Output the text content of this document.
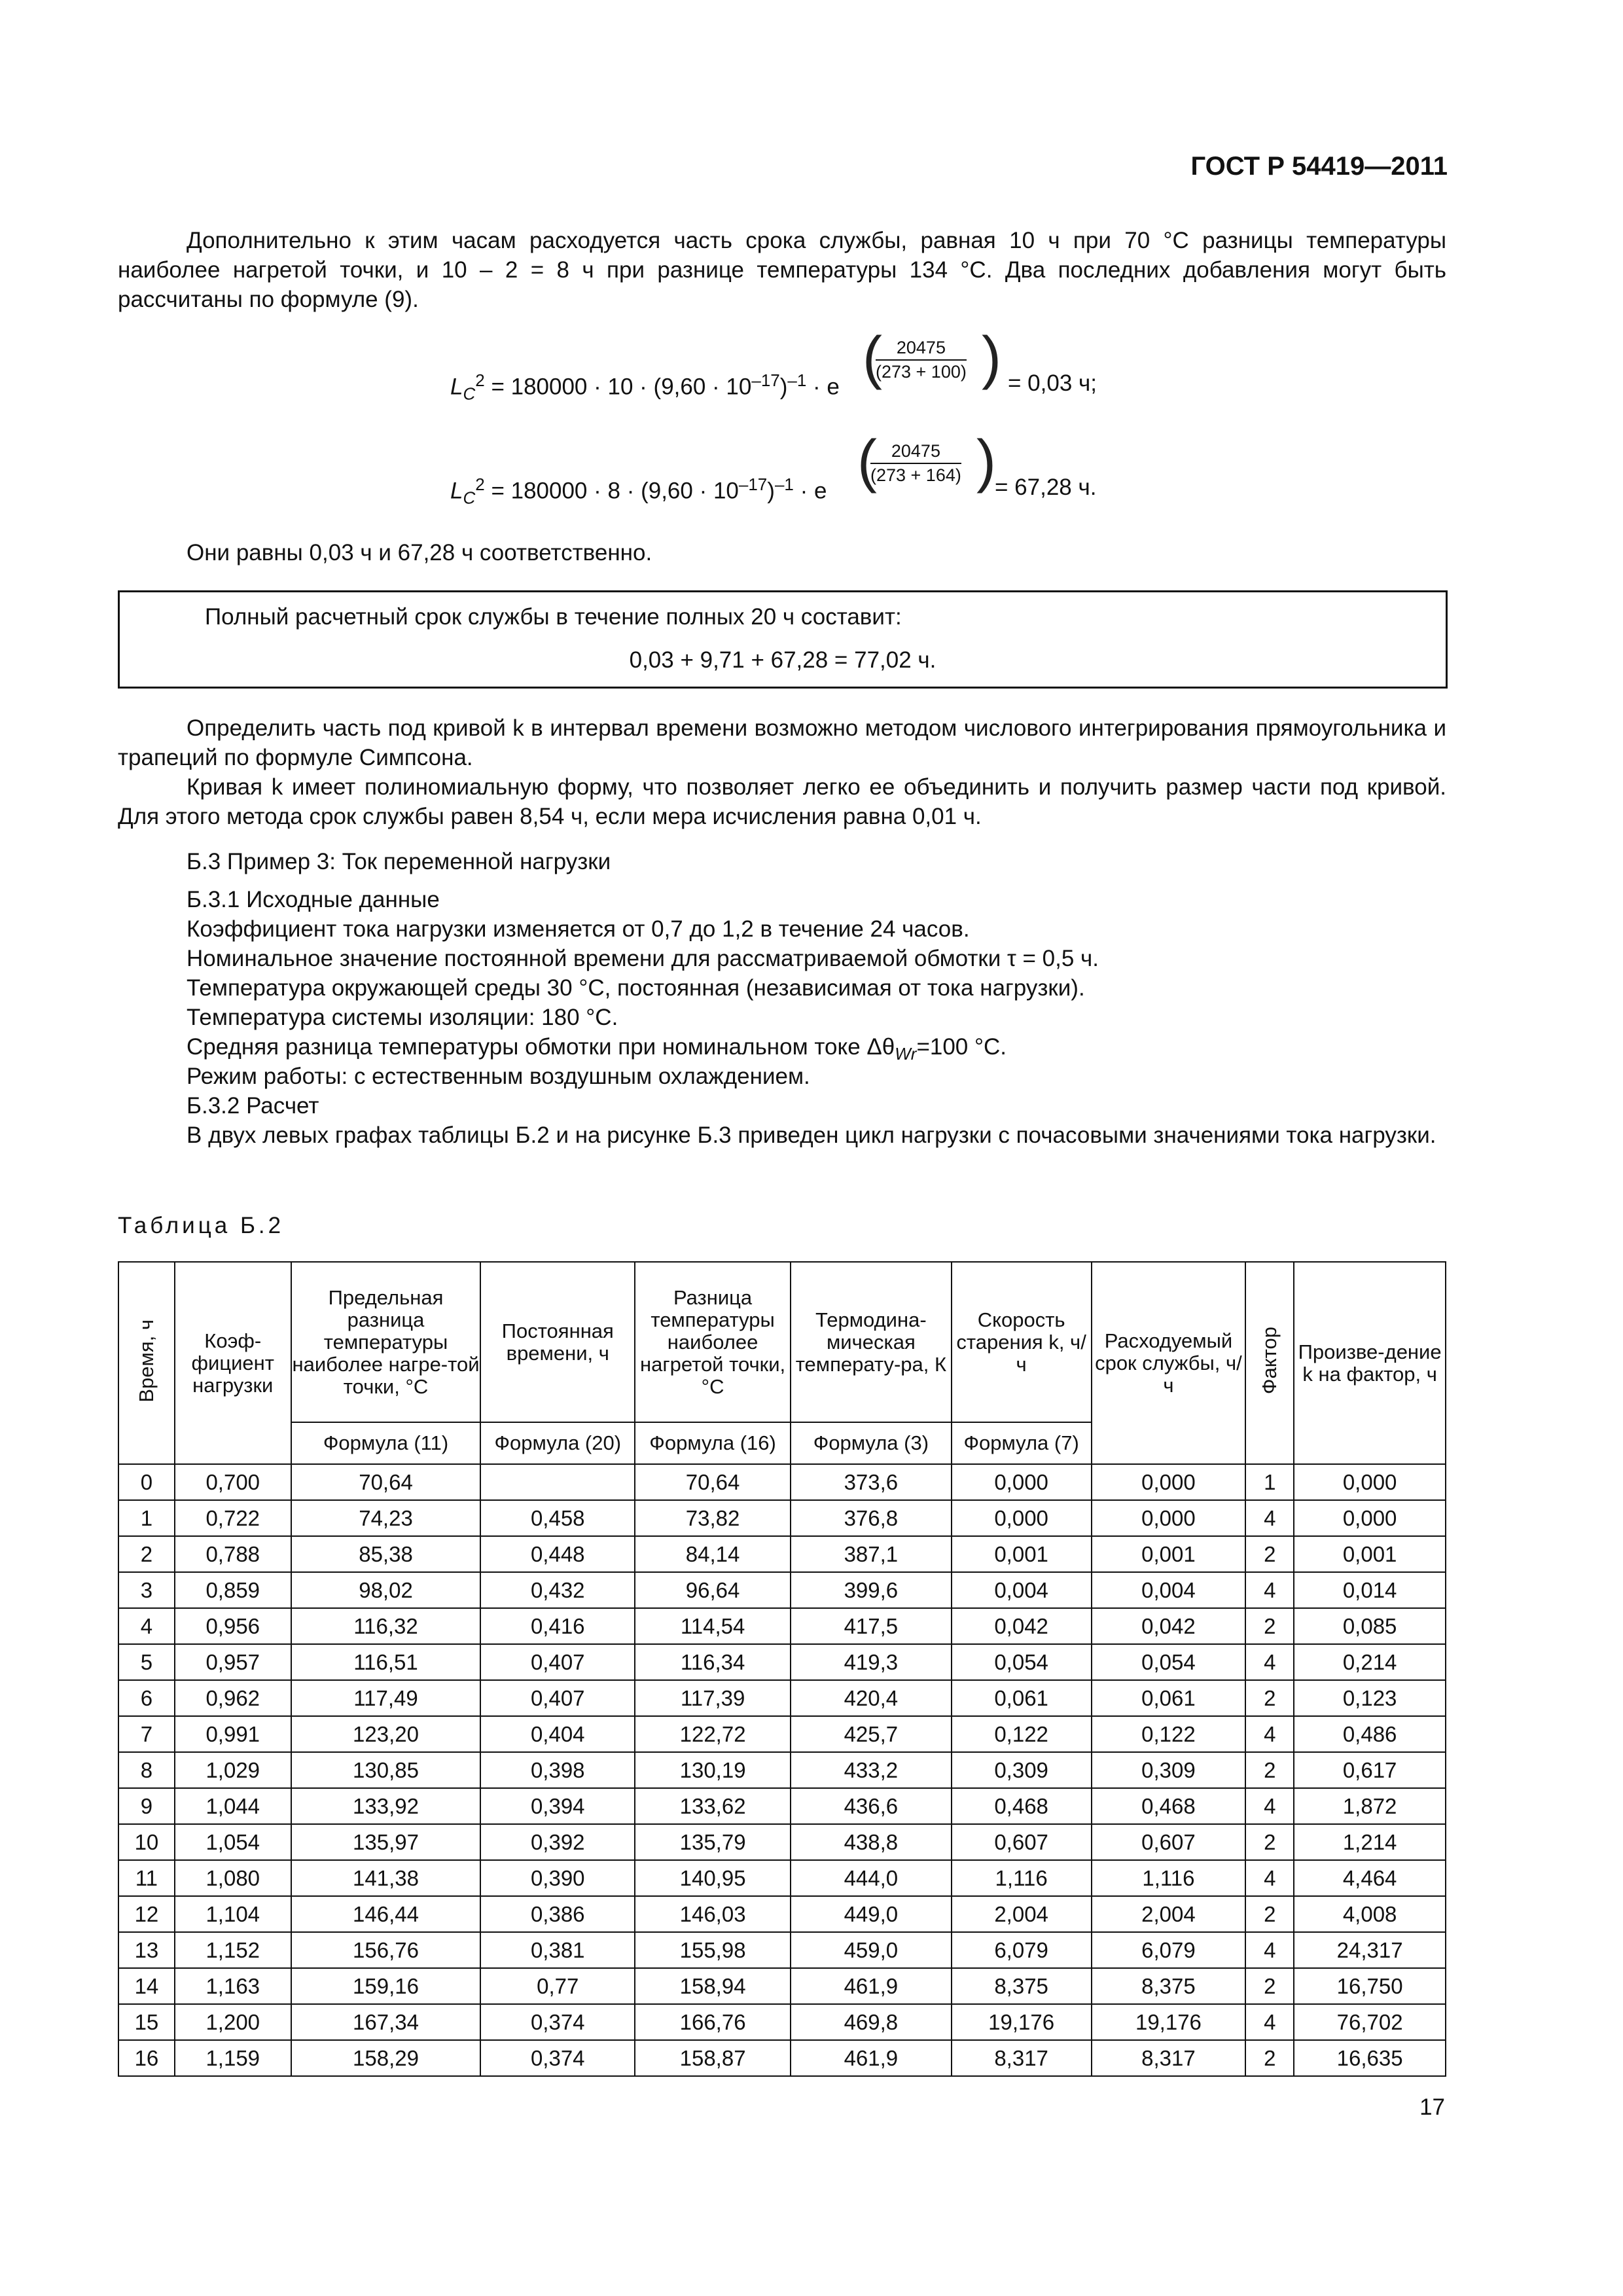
ГОСТ Р 54419—2011
Дополнительно к этим часам расходуется часть срока службы, равная 10 ч при 70 °С разницы температуры наиболее нагретой точки, и 10 – 2 = 8 ч при разнице температуры 134 °С. Два последних добавления могут быть рассчитаны по формуле (9).
$L_C^2 = 180000 \cdot 10 \cdot (9,60 \cdot 10^{-17})^{-1} \cdot e$ (
$\frac{20475}{(273 + 100)}$ ) = 0,03 ч;
$L_C^2 = 180000 \cdot 8 \cdot (9,60 \cdot 10^{-17})^{-1} \cdot e$ (
$\frac{20475}{(273 + 164)}$ )
= 67,28 ч.
Они равны 0,03 ч и 67,28 ч соответственно.
Полный расчетный срок службы в течение полных 20 ч составит:
0,03 + 9,71 + 67,28 = 77,02 ч.
Определить часть под кривой k в интервал времени возможно методом числового интегрирования прямоугольника и трапеций по формуле Симпсона.
Кривая k имеет полиномиальную форму, что позволяет легко ее объединить и получить размер части под кривой. Для этого метода срок службы равен 8,54 ч, если мера исчисления равна 0,01 ч.
Б.3 Пример 3: Ток переменной нагрузки
Б.3.1 Исходные данные
Коэффициент тока нагрузки изменяется от 0,7 до 1,2 в течение 24 часов.
Номинальное значение постоянной времени для рассматриваемой обмотки τ = 0,5 ч.
Температура окружающей среды 30 °С, постоянная (независимая от тока нагрузки).
Температура системы изоляции: 180 °С.
Средняя разница температуры обмотки при номинальном токе $\Delta\theta_{Wr}=100$ °С.
Режим работы: с естественным воздушным охлаждением.
Б.3.2 Расчет
В двух левых графах таблицы Б.2 и на рисунке Б.3 приведен цикл нагрузки с почасовыми значениями тока нагрузки.
Таблица Б.2
Время, ч	Коэф-фициент нагрузки	Предельная разница температуры наиболее нагре-той точки, °С	Постоянная времени, ч	Разница температуры наиболее нагретой точки, °С	Термодина-мическая температу-ра, К	Скорость старения k, ч/ч	Расходуемый срок службы, ч/ч	Фактор	Произве-дение k на фактор, ч
		Формула (11)	Формула (20)	Формула (16)	Формула (3)	Формула (7)			
0	0,700	70,64		70,64	373,6	0,000	0,000	1	0,000
1	0,722	74,23	0,458	73,82	376,8	0,000	0,000	4	0,000
2	0,788	85,38	0,448	84,14	387,1	0,001	0,001	2	0,001
3	0,859	98,02	0,432	96,64	399,6	0,004	0,004	4	0,014
4	0,956	116,32	0,416	114,54	417,5	0,042	0,042	2	0,085
5	0,957	116,51	0,407	116,34	419,3	0,054	0,054	4	0,214
6	0,962	117,49	0,407	117,39	420,4	0,061	0,061	2	0,123
7	0,991	123,20	0,404	122,72	425,7	0,122	0,122	4	0,486
8	1,029	130,85	0,398	130,19	433,2	0,309	0,309	2	0,617
9	1,044	133,92	0,394	133,62	436,6	0,468	0,468	4	1,872
10	1,054	135,97	0,392	135,79	438,8	0,607	0,607	2	1,214
11	1,080	141,38	0,390	140,95	444,0	1,116	1,116	4	4,464
12	1,104	146,44	0,386	146,03	449,0	2,004	2,004	2	4,008
13	1,152	156,76	0,381	155,98	459,0	6,079	6,079	4	24,317
14	1,163	159,16	0,77	158,94	461,9	8,375	8,375	2	16,750
15	1,200	167,34	0,374	166,76	469,8	19,176	19,176	4	76,702
16	1,159	158,29	0,374	158,87	461,9	8,317	8,317	2	16,635
17
